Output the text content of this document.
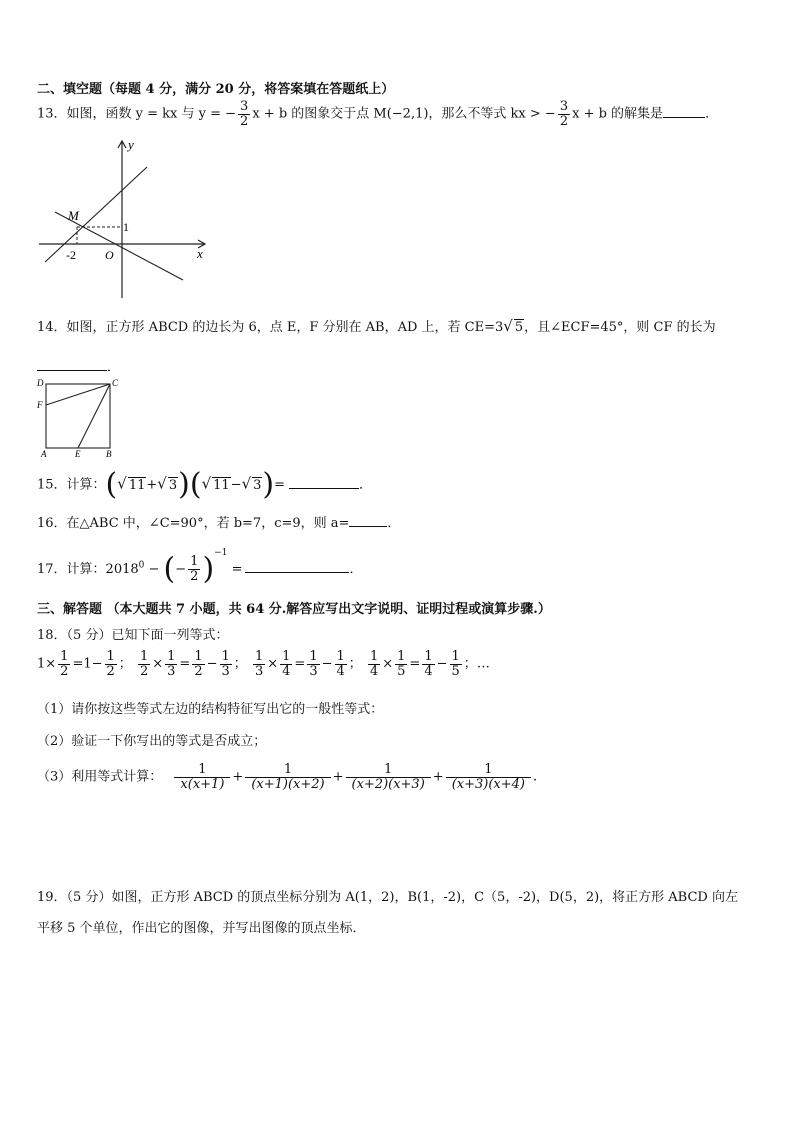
二、填空题（每题 4 分，满分 20 分，将答案填在答题纸上）
13．如图，函数 y = kx 与 y = − $\frac{3}{2}$ x + b 的图象交于点 M(−2,1)，那么不等式 kx > − $\frac{3}{2}$ x + b 的解集是	．
y
x
M
1
-2 O
14．如图，正方形 ABCD 的边长为 6，点 E，F 分别在 AB，AD 上，若 CE=3√ 5，且∠ECF=45°，则 CF 的长为
．
D	C
F
A	E	B
15．计算：(√ 11+√ 3)(√ 11−√ 3)=	．
16．在△ABC 中，∠C=90°，若 b=7，c=9，则 a=	．
17．计算：$2018^0$ − (− $\frac{1}{2} )^{-1}$ =	．
三、解答题 （本大题共 7 小题，共 64 分.解答应写出文字说明、证明过程或演算步骤.）
18．（5 分）已知下面一列等式：
$1\times \frac{1}{2} =1- \frac{1}{2}$ ； $\frac{1}{2} \times \frac{1}{3} = \frac{1}{2} - \frac{1}{3}$ ； $\frac{1}{3} \times \frac{1}{4} = \frac{1}{3} - \frac{1}{4}$ ； $\frac{1}{4} \times \frac{1}{5} = \frac{1}{4} - \frac{1}{5}$ ；…
（1）请你按这些等式左边的结构特征写出它的一般性等式：
（2）验证一下你写出的等式是否成立；
（3）利用等式计算： $\frac{1}{x(x+1)} + \frac{1}{(x+1)(x+2)} + \frac{1}{(x+2)(x+3)} + \frac{1}{(x+3)(x+4)}$ .
19．（5 分）如图，正方形 ABCD 的顶点坐标分别为 A(1，2)，B(1，-2)，C（5，-2)，D(5，2)，将正方形 ABCD 向左
平移 5 个单位，作出它的图像，并写出图像的顶点坐标．
